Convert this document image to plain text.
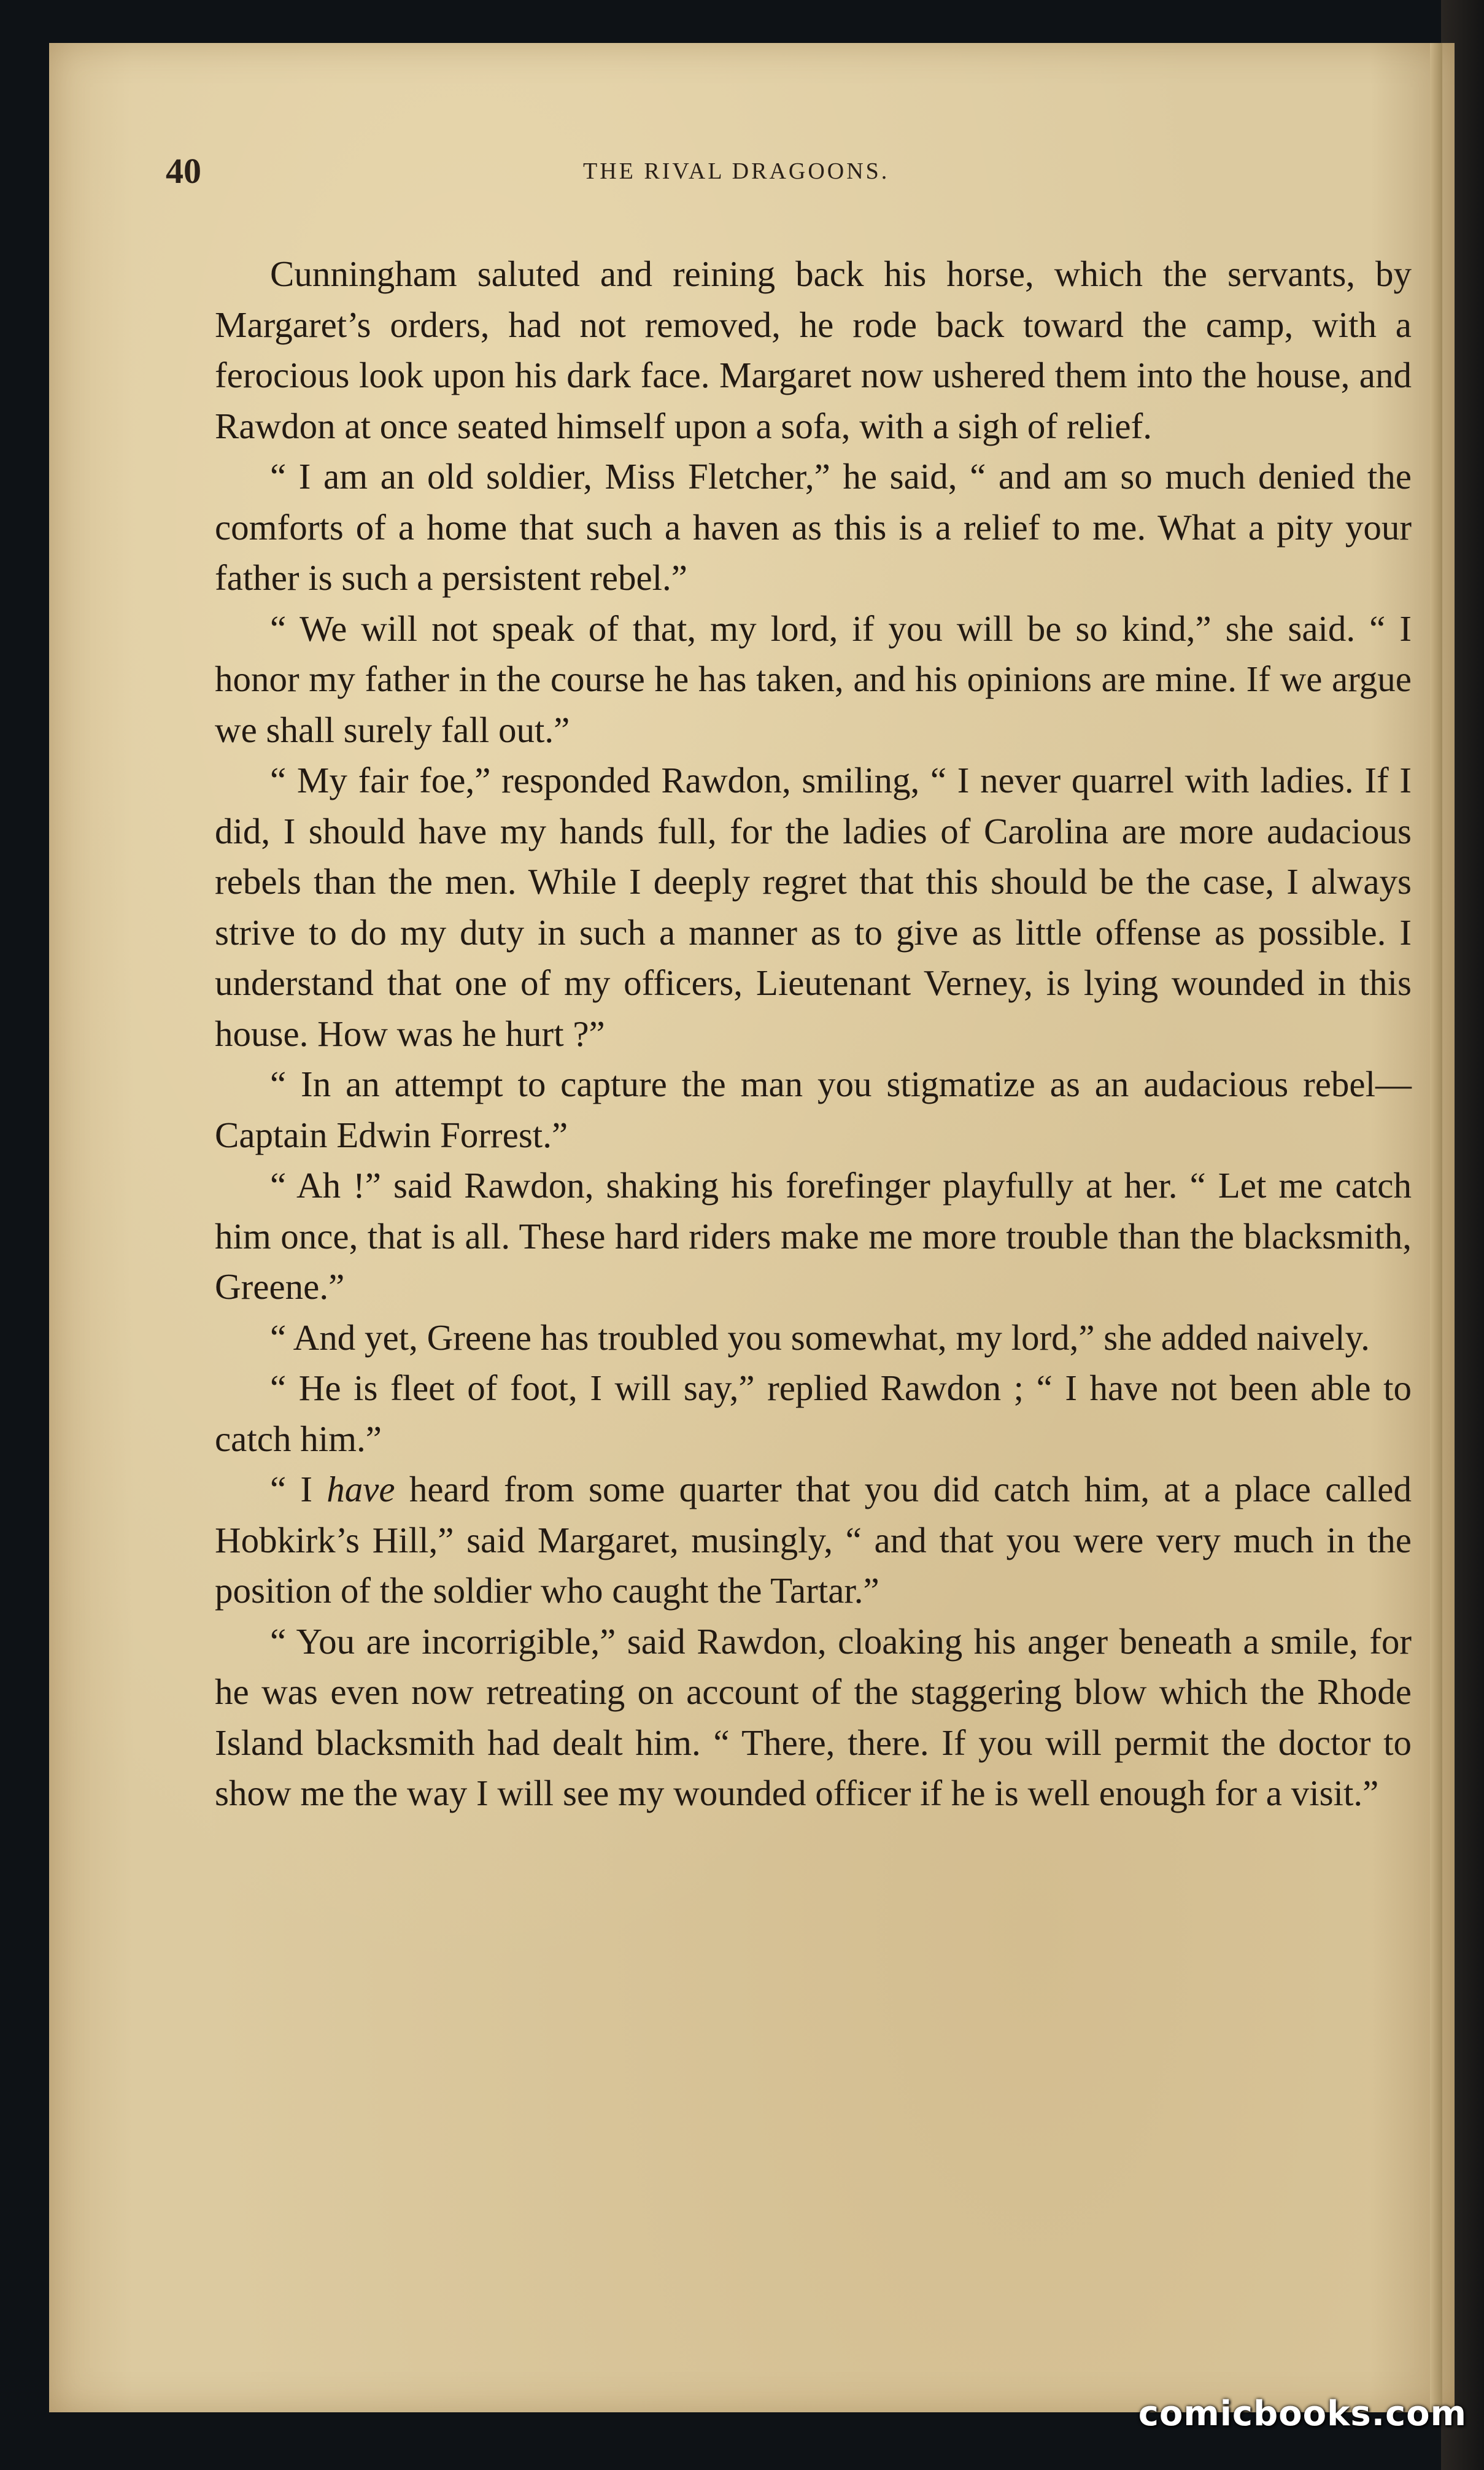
40	THE RIVAL DRAGOONS.

Cunningham saluted and reining back his horse, which the servants, by Margaret’s orders, had not removed, he rode back toward the camp, with a ferocious look upon his dark face. Margaret now ushered them into the house, and Rawdon at once seated himself upon a sofa, with a sigh of relief.

“ I am an old soldier, Miss Fletcher,” he said, “ and am so much denied the comforts of a home that such a haven as this is a relief to me. What a pity your father is such a persistent rebel.”

“ We will not speak of that, my lord, if you will be so kind,” she said. “ I honor my father in the course he has taken, and his opinions are mine. If we argue we shall surely fall out.”

“ My fair foe,” responded Rawdon, smiling, “ I never quarrel with ladies. If I did, I should have my hands full, for the ladies of Carolina are more audacious rebels than the men. While I deeply regret that this should be the case, I always strive to do my duty in such a manner as to give as little offense as possible. I understand that one of my officers, Lieutenant Verney, is lying wounded in this house. How was he hurt ?”

“ In an attempt to capture the man you stigmatize as an audacious rebel—Captain Edwin Forrest.”

“ Ah !” said Rawdon, shaking his forefinger playfully at her. “ Let me catch him once, that is all. These hard riders make me more trouble than the blacksmith, Greene.”

“ And yet, Greene has troubled you somewhat, my lord,” she added naively.

“ He is fleet of foot, I will say,” replied Rawdon ; “ I have not been able to catch him.”

“ I have heard from some quarter that you did catch him, at a place called Hobkirk’s Hill,” said Margaret, musingly, “ and that you were very much in the position of the soldier who caught the Tartar.”

“ You are incorrigible,” said Rawdon, cloaking his anger beneath a smile, for he was even now retreating on account of the staggering blow which the Rhode Island blacksmith had dealt him. “ There, there. If you will permit the doctor to show me the way I will see my wounded officer if he is well enough for a visit.”

comicbooks.com
